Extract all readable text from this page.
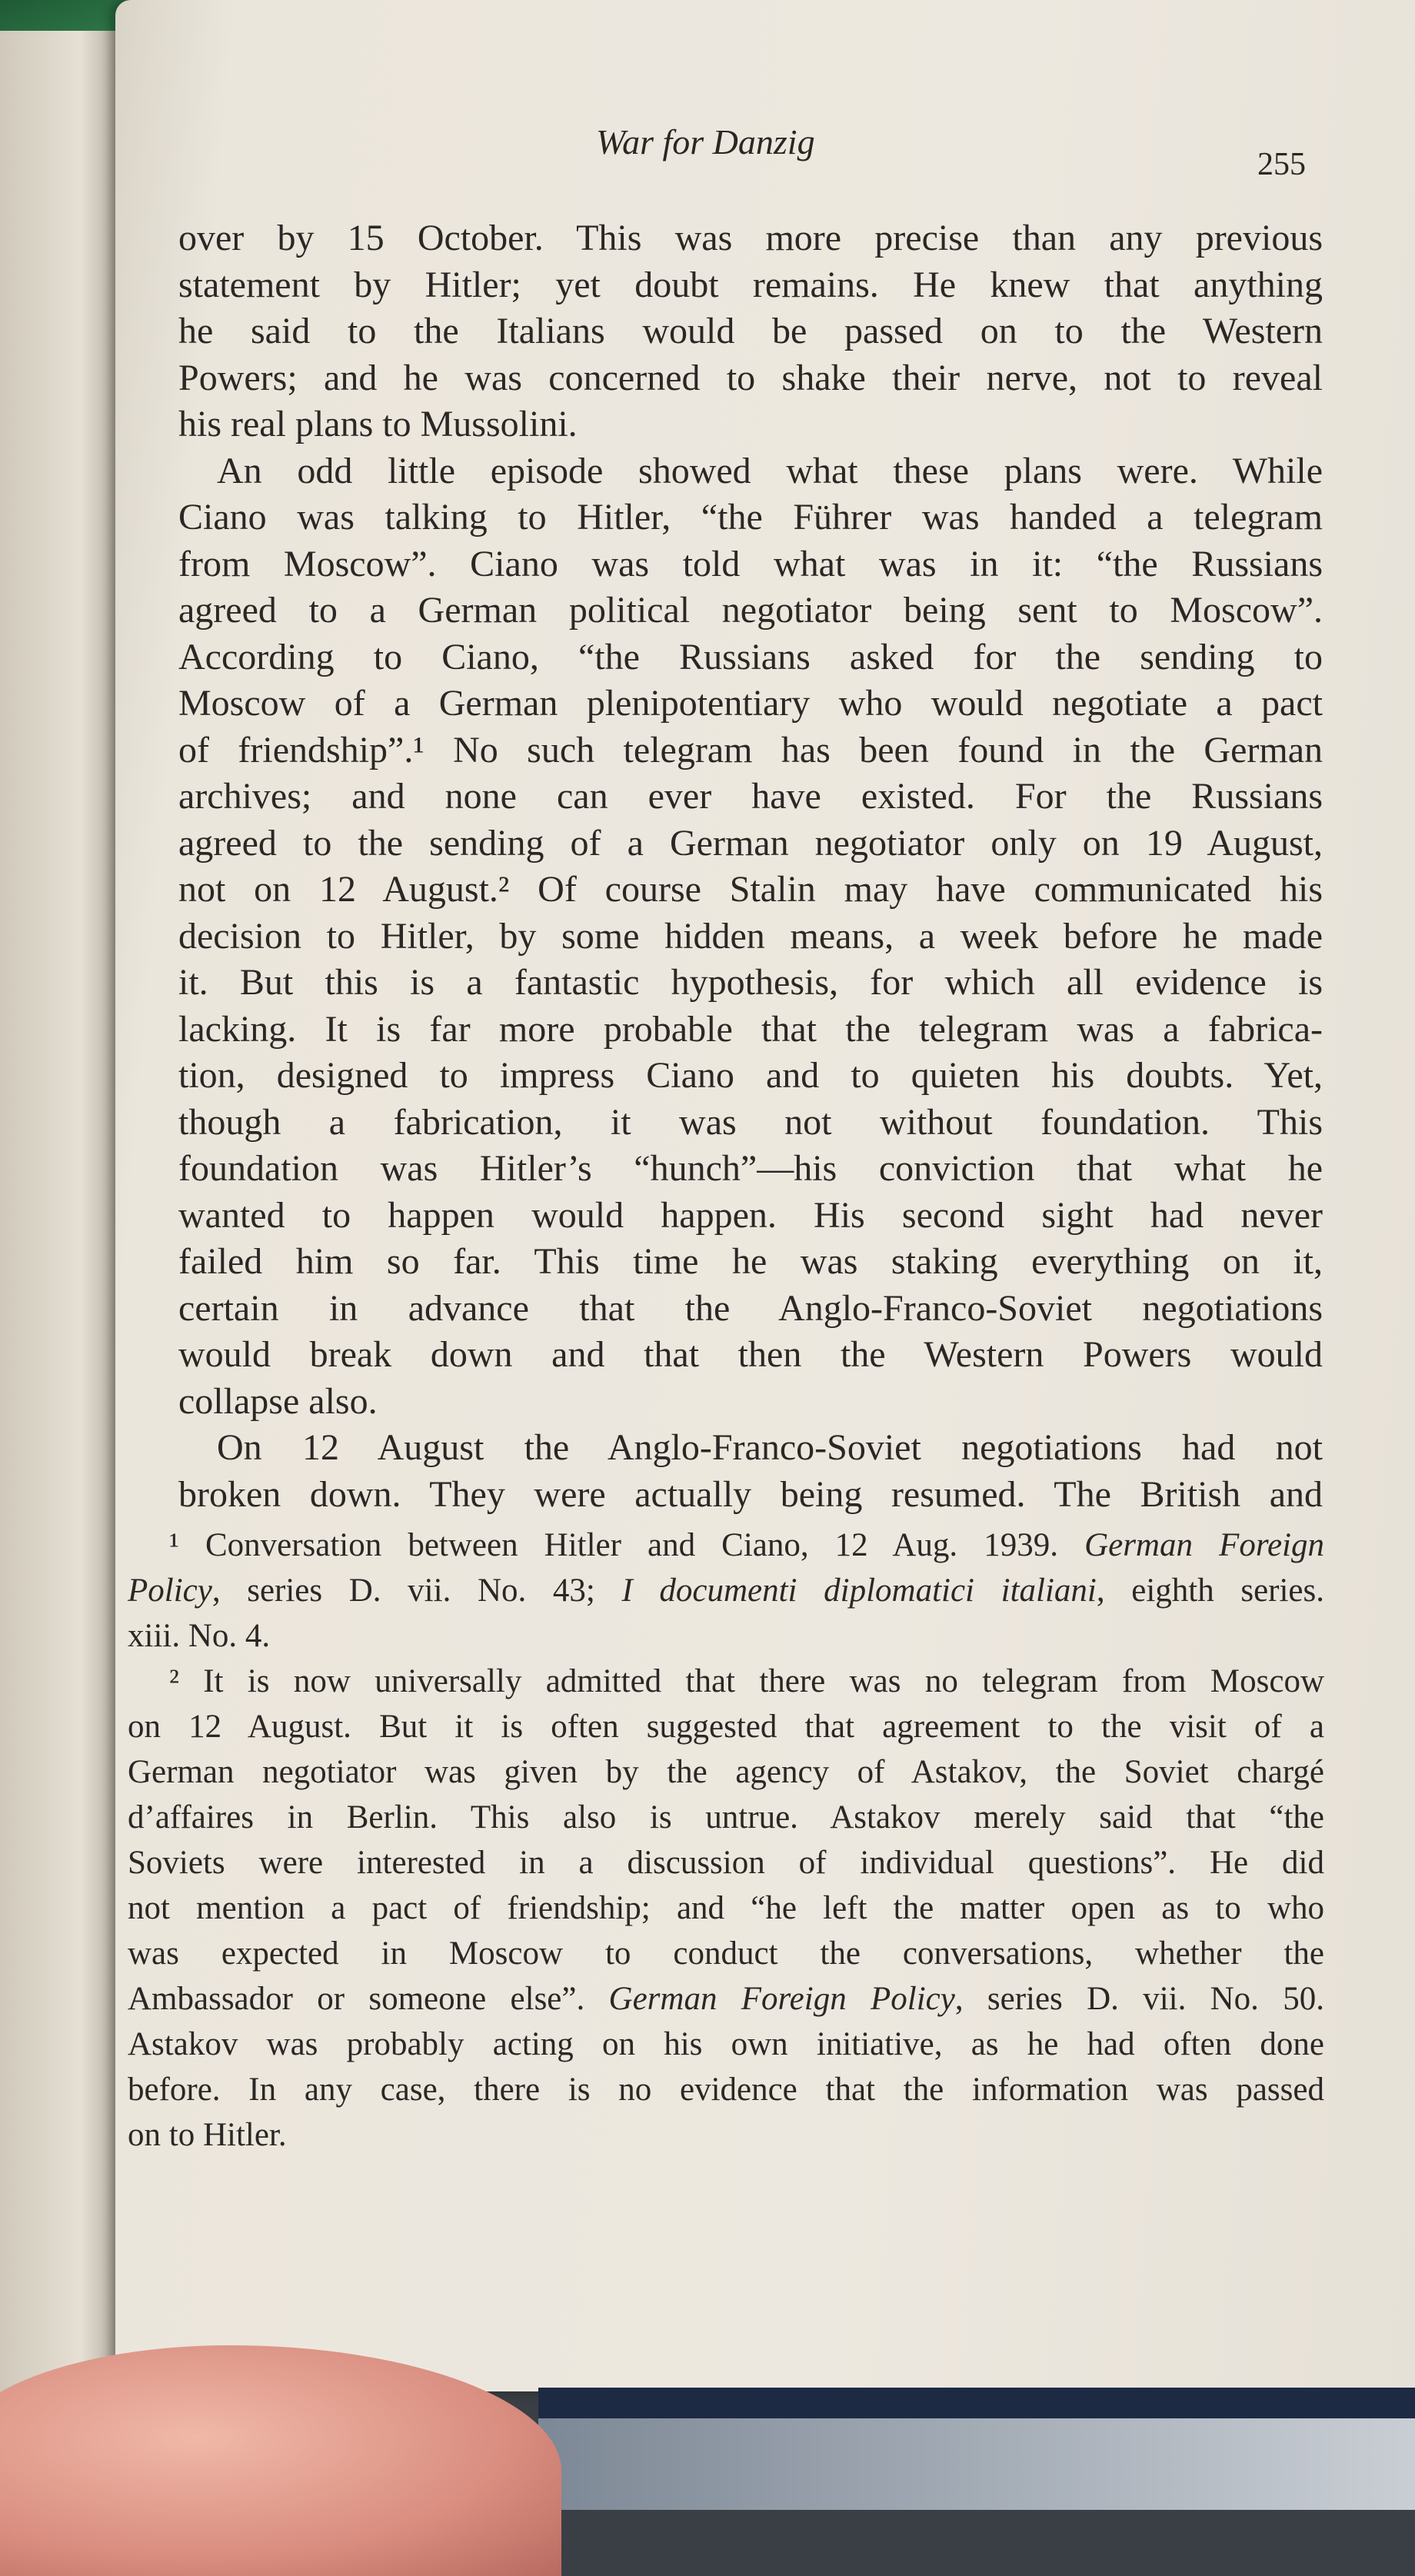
War for Danzig
255
over by 15 October. This was more precise than any previous
statement by Hitler; yet doubt remains. He knew that anything
he said to the Italians would be passed on to the Western
Powers; and he was concerned to shake their nerve, not to reveal
his real plans to Mussolini.
An odd little episode showed what these plans were. While
Ciano was talking to Hitler, “the Führer was handed a telegram
from Moscow”. Ciano was told what was in it: “the Russians
agreed to a German political negotiator being sent to Moscow”.
According to Ciano, “the Russians asked for the sending to
Moscow of a German plenipotentiary who would negotiate a pact
of friendship”.¹ No such telegram has been found in the German
archives; and none can ever have existed. For the Russians
agreed to the sending of a German negotiator only on 19 August,
not on 12 August.² Of course Stalin may have communicated his
decision to Hitler, by some hidden means, a week before he made
it. But this is a fantastic hypothesis, for which all evidence is
lacking. It is far more probable that the telegram was a fabrica-
tion, designed to impress Ciano and to quieten his doubts. Yet,
though a fabrication, it was not without foundation. This
foundation was Hitler’s “hunch”—his conviction that what he
wanted to happen would happen. His second sight had never
failed him so far. This time he was staking everything on it,
certain in advance that the Anglo-Franco-Soviet negotiations
would break down and that then the Western Powers would
collapse also.
On 12 August the Anglo-Franco-Soviet negotiations had not
broken down. They were actually being resumed. The British and
¹ Conversation between Hitler and Ciano, 12 Aug. 1939. German Foreign
Policy, series D. vii. No. 43; I documenti diplomatici italiani, eighth series.
xiii. No. 4.
² It is now universally admitted that there was no telegram from Moscow
on 12 August. But it is often suggested that agreement to the visit of a
German negotiator was given by the agency of Astakov, the Soviet chargé
d’affaires in Berlin. This also is untrue. Astakov merely said that “the
Soviets were interested in a discussion of individual questions”. He did
not mention a pact of friendship; and “he left the matter open as to who
was expected in Moscow to conduct the conversations, whether the
Ambassador or someone else”. German Foreign Policy, series D. vii. No. 50.
Astakov was probably acting on his own initiative, as he had often done
before. In any case, there is no evidence that the information was passed
on to Hitler.
